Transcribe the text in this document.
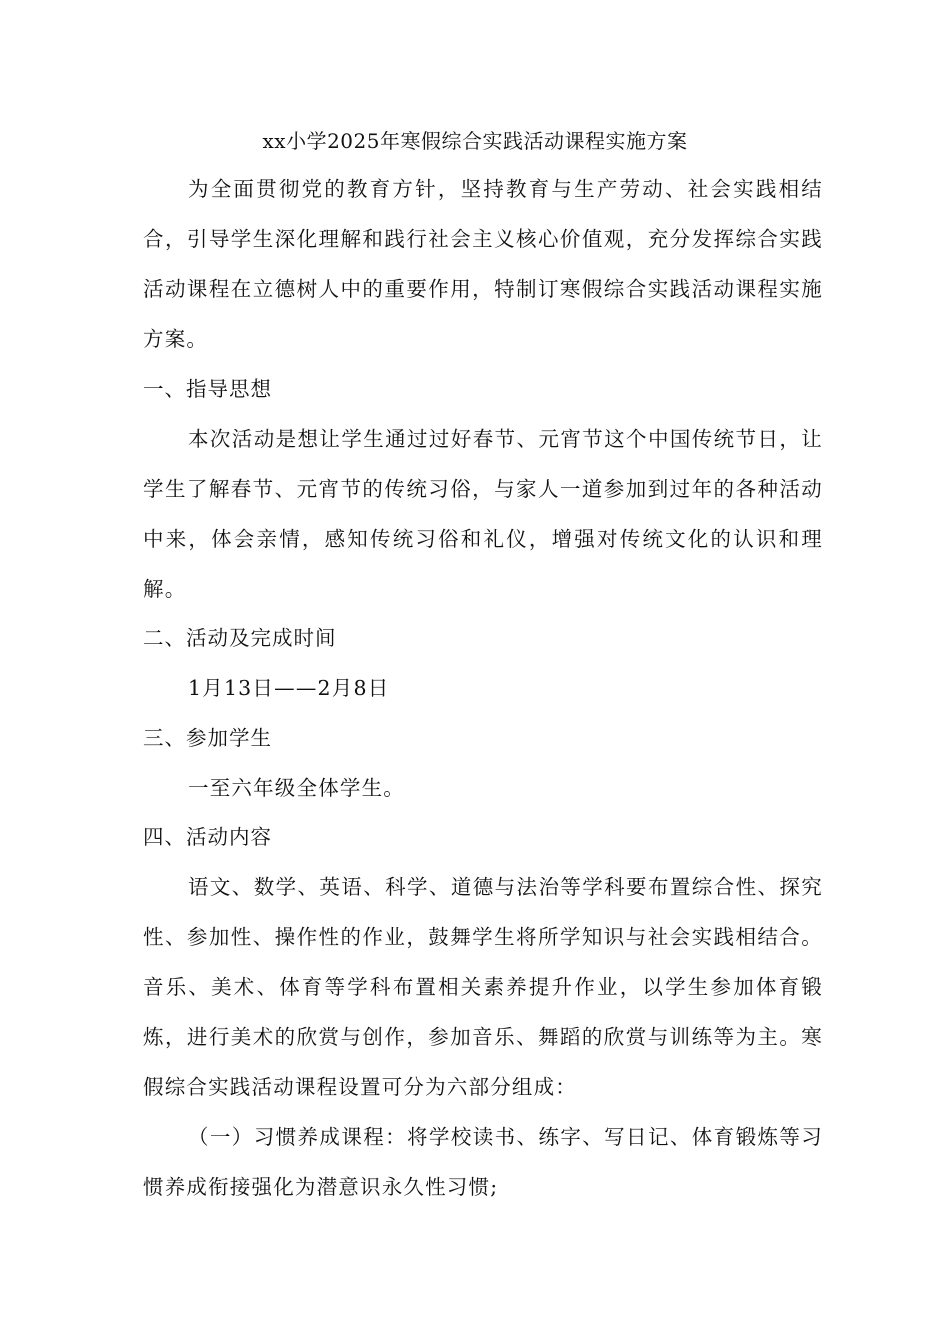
xx小学2025年寒假综合实践活动课程实施方案
为全面贯彻党的教育方针，坚持教育与生产劳动、社会实践相结合，引导学生深化理解和践行社会主义核心价值观，充分发挥综合实践活动课程在立德树人中的重要作用，特制订寒假综合实践活动课程实施方案。
一、指导思想
本次活动是想让学生通过过好春节、元宵节这个中国传统节日，让学生了解春节、元宵节的传统习俗，与家人一道参加到过年的各种活动中来，体会亲情，感知传统习俗和礼仪，增强对传统文化的认识和理解。
二、活动及完成时间
1月13日——2月8日
三、参加学生
一至六年级全体学生。
四、活动内容
语文、数学、英语、科学、道德与法治等学科要布置综合性、探究性、参加性、操作性的作业，鼓舞学生将所学知识与社会实践相结合。音乐、美术、体育等学科布置相关素养提升作业，以学生参加体育锻炼，进行美术的欣赏与创作，参加音乐、舞蹈的欣赏与训练等为主。寒假综合实践活动课程设置可分为六部分组成：
（一）习惯养成课程：将学校读书、练字、写日记、体育锻炼等习惯养成衔接强化为潜意识永久性习惯;
